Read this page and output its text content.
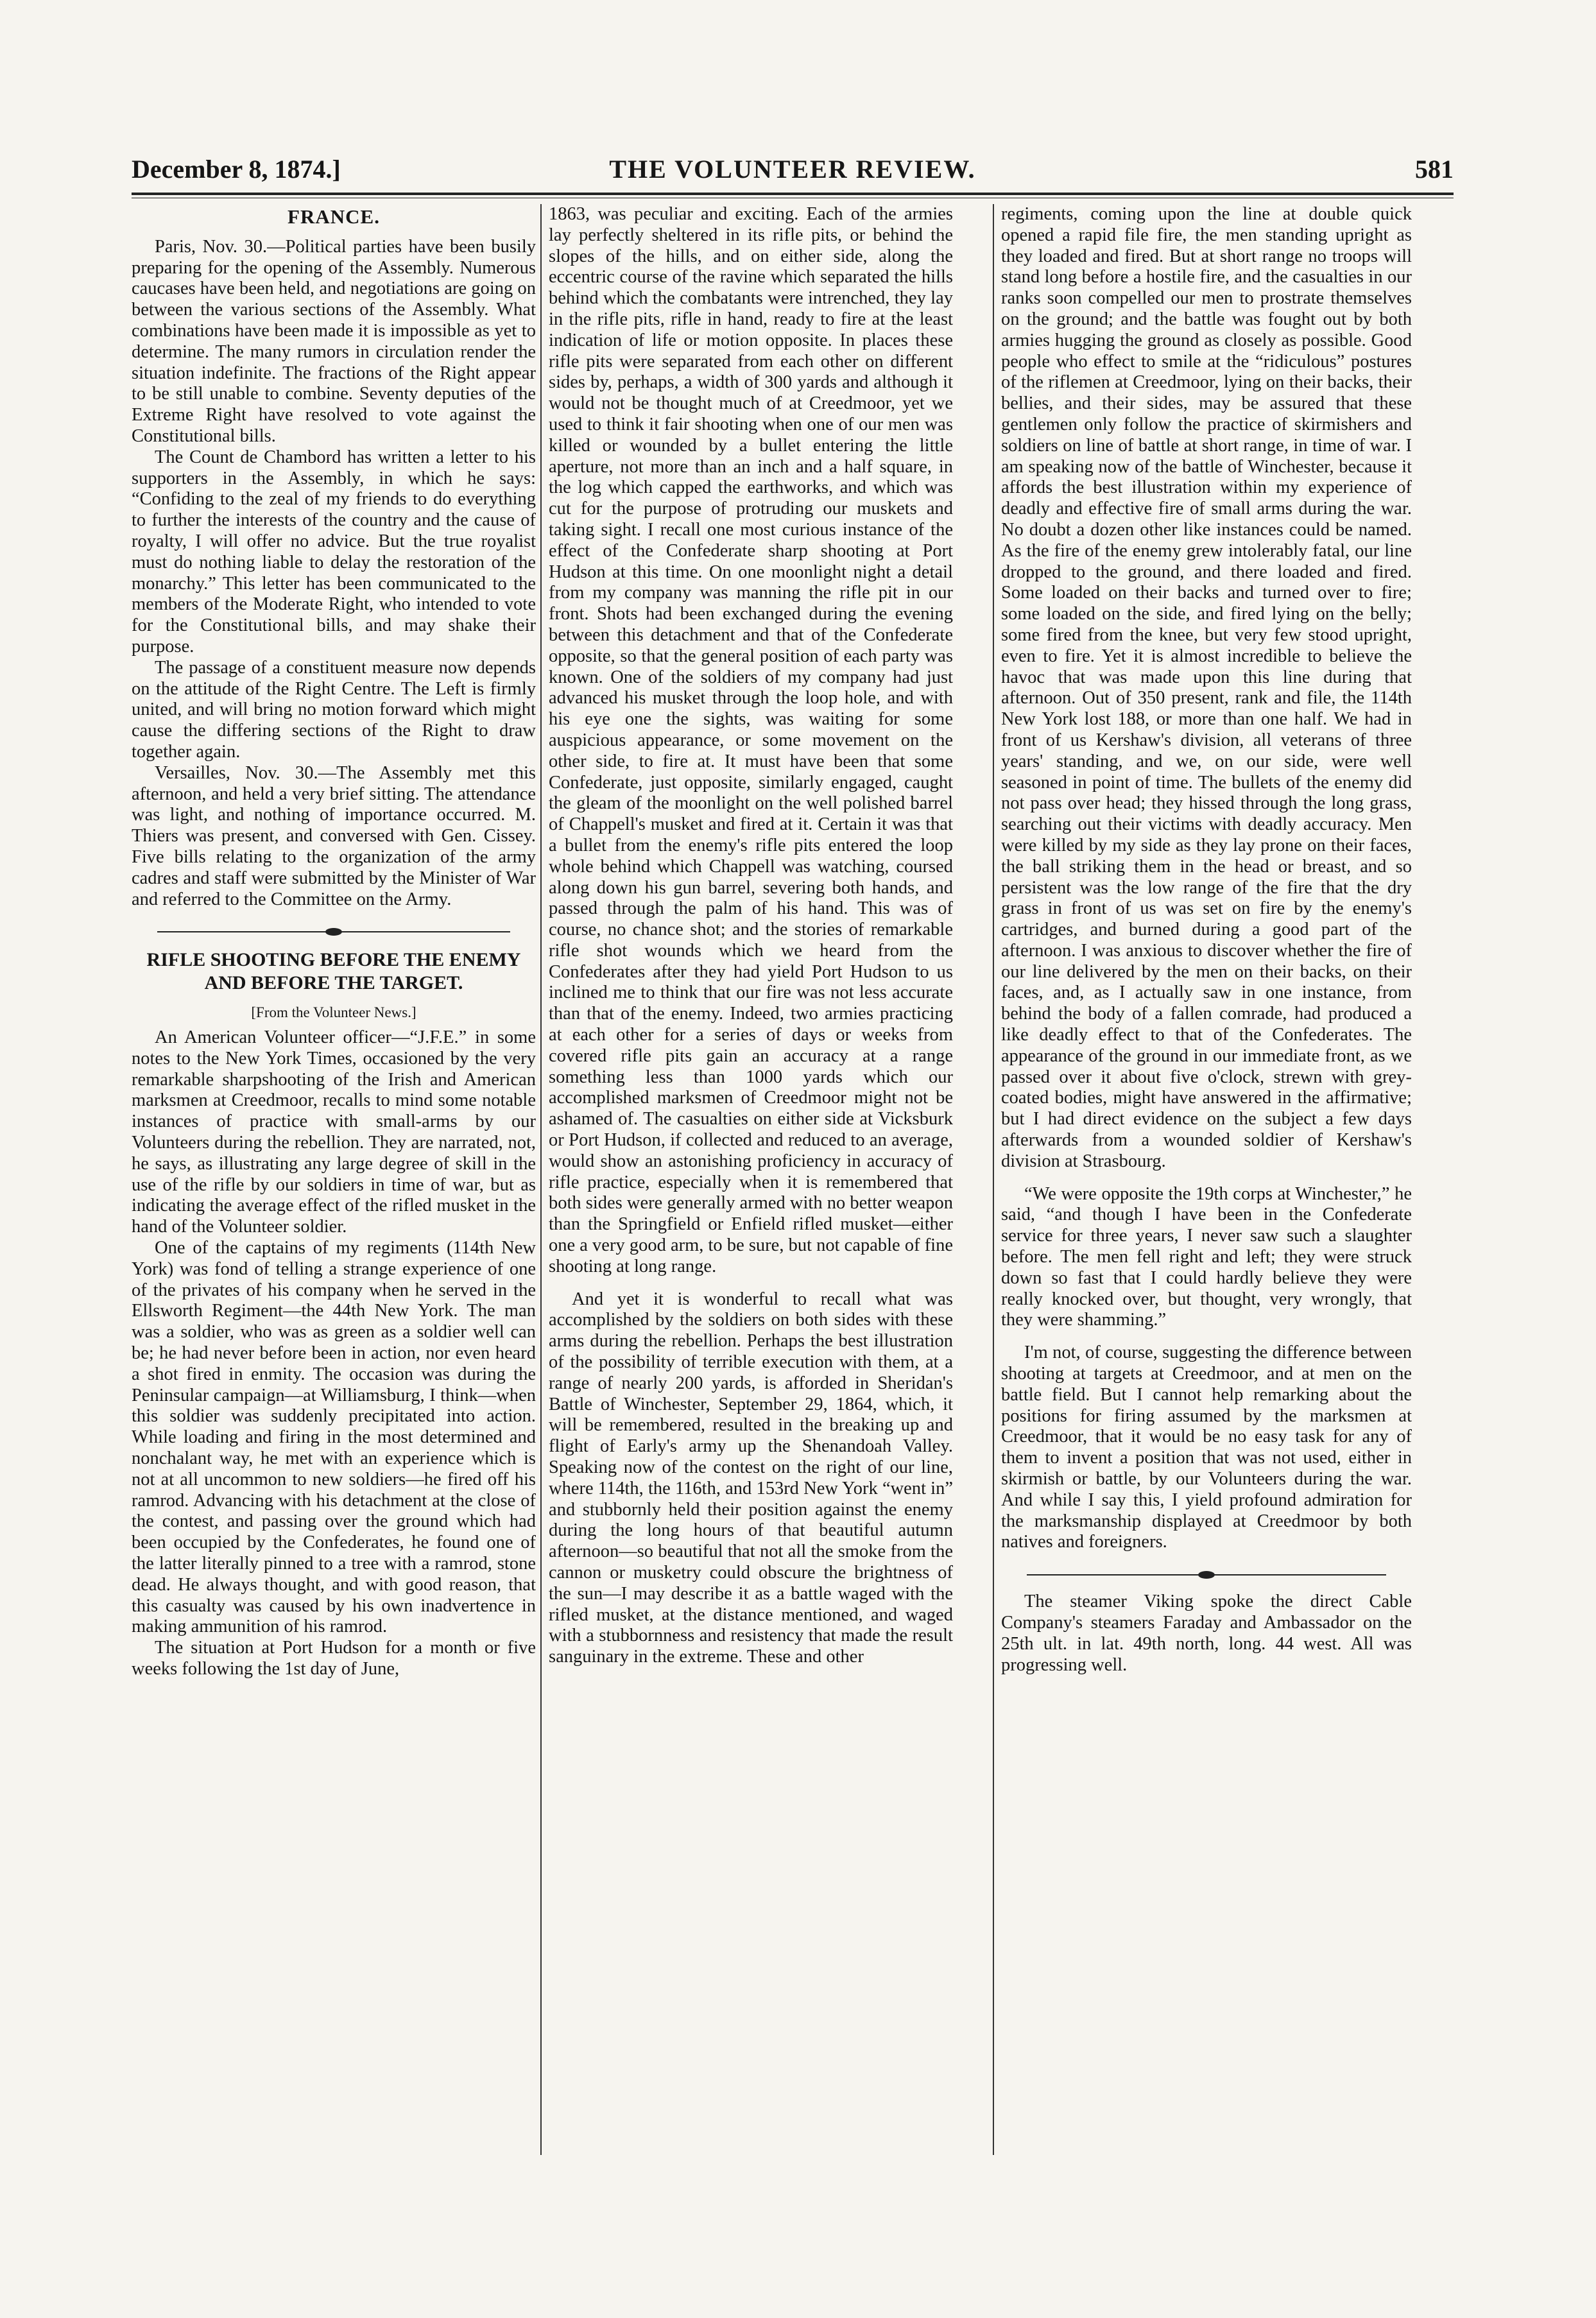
December 8, 1874.]	THE VOLUNTEER REVIEW.	581
FRANCE.

Paris, Nov. 30.—Political parties have been busily preparing for the opening of the Assembly. Numerous caucases have been held, and negotiations are going on between the various sections of the Assembly. What combinations have been made it is impossible as yet to determine. The many rumors in circulation render the situation indefinite. The fractions of the Right appear to be still unable to combine. Seventy deputies of the Extreme Right have resolved to vote against the Constitutional bills.

The Count de Chambord has written a letter to his supporters in the Assembly, in which he says: “Confiding to the zeal of my friends to do everything to further the interests of the country and the cause of royalty, I will offer no advice. But the true royalist must do nothing liable to delay the restoration of the monarchy.” This letter has been communicated to the members of the Moderate Right, who intended to vote for the Constitutional bills, and may shake their purpose.

The passage of a constituent measure now depends on the attitude of the Right Centre. The Left is firmly united, and will bring no motion forward which might cause the differing sections of the Right to draw together again.

Versailles, Nov. 30.—The Assembly met this afternoon, and held a very brief sitting. The attendance was light, and nothing of importance occurred. M. Thiers was present, and conversed with Gen. Cissey. Five bills relating to the organization of the army cadres and staff were submitted by the Minister of War and referred to the Committee on the Army.

RIFLE SHOOTING BEFORE THE ENEMY AND BEFORE THE TARGET.
[From the Volunteer News.]

An American Volunteer officer—“J.F.E.” in some notes to the New York Times, occasioned by the very remarkable sharpshooting of the Irish and American marksmen at Creedmoor, recalls to mind some notable instances of practice with small-arms by our Volunteers during the rebellion. They are narrated, not, he says, as illustrating any large degree of skill in the use of the rifle by our soldiers in time of war, but as indicating the average effect of the rifled musket in the hand of the Volunteer soldier.

One of the captains of my regiments (114th New York) was fond of telling a strange experience of one of the privates of his company when he served in the Ellsworth Regiment—the 44th New York. The man was a soldier, who was as green as a soldier well can be; he had never before been in action, nor even heard a shot fired in enmity. The occasion was during the Peninsular campaign—at Williamsburg, I think—when this soldier was suddenly precipitated into action. While loading and firing in the most determined and nonchalant way, he met with an experience which is not at all uncommon to new soldiers—he fired off his ramrod. Advancing with his detachment at the close of the contest, and passing over the ground which had been occupied by the Confederates, he found one of the latter literally pinned to a tree with a ramrod, stone dead. He always thought, and with good reason, that this casualty was caused by his own inadvertence in making ammunition of his ramrod.

The situation at Port Hudson for a month or five weeks following the 1st day of June,

1863, was peculiar and exciting. Each of the armies lay perfectly sheltered in its rifle pits, or behind the slopes of the hills, and on either side, along the eccentric course of the ravine which separated the hills behind which the combatants were intrenched, they lay in the rifle pits, rifle in hand, ready to fire at the least indication of life or motion opposite. In places these rifle pits were separated from each other on different sides by, perhaps, a width of 300 yards and although it would not be thought much of at Creedmoor, yet we used to think it fair shooting when one of our men was killed or wounded by a bullet entering the little aperture, not more than an inch and a half square, in the log which capped the earthworks, and which was cut for the purpose of protruding our muskets and taking sight. I recall one most curious instance of the effect of the Confederate sharp shooting at Port Hudson at this time. On one moonlight night a detail from my company was manning the rifle pit in our front. Shots had been exchanged during the evening between this detachment and that of the Confederate opposite, so that the general position of each party was known. One of the soldiers of my company had just advanced his musket through the loop hole, and with his eye one the sights, was waiting for some auspicious appearance, or some movement on the other side, to fire at. It must have been that some Confederate, just opposite, similarly engaged, caught the gleam of the moonlight on the well polished barrel of Chappell's musket and fired at it. Certain it was that a bullet from the enemy's rifle pits entered the loop whole behind which Chappell was watching, coursed along down his gun barrel, severing both hands, and passed through the palm of his hand. This was of course, no chance shot; and the stories of remarkable rifle shot wounds which we heard from the Confederates after they had yield Port Hudson to us inclined me to think that our fire was not less accurate than that of the enemy. Indeed, two armies practicing at each other for a series of days or weeks from covered rifle pits gain an accuracy at a range something less than 1000 yards which our accomplished marksmen of Creedmoor might not be ashamed of. The casualties on either side at Vicksburk or Port Hudson, if collected and reduced to an average, would show an astonishing proficiency in accuracy of rifle practice, especially when it is remembered that both sides were generally armed with no better weapon than the Springfield or Enfield rifled musket—either one a very good arm, to be sure, but not capable of fine shooting at long range.

And yet it is wonderful to recall what was accomplished by the soldiers on both sides with these arms during the rebellion. Perhaps the best illustration of the possibility of terrible execution with them, at a range of nearly 200 yards, is afforded in Sheridan's Battle of Winchester, September 29, 1864, which, it will be remembered, resulted in the breaking up and flight of Early's army up the Shenandoah Valley. Speaking now of the contest on the right of our line, where 114th, the 116th, and 153rd New York “went in” and stubbornly held their position against the enemy during the long hours of that beautiful autumn afternoon—so beautiful that not all the smoke from the cannon or musketry could obscure the brightness of the sun—I may describe it as a battle waged with the rifled musket, at the distance mentioned, and waged with a stubbornness and resistency that made the result sanguinary in the extreme. These and other

regiments, coming upon the line at double quick opened a rapid file fire, the men standing upright as they loaded and fired. But at short range no troops will stand long before a hostile fire, and the casualties in our ranks soon compelled our men to prostrate themselves on the ground; and the battle was fought out by both armies hugging the ground as closely as possible. Good people who effect to smile at the “ridiculous” postures of the riflemen at Creedmoor, lying on their backs, their bellies, and their sides, may be assured that these gentlemen only follow the practice of skirmishers and soldiers on line of battle at short range, in time of war. I am speaking now of the battle of Winchester, because it affords the best illustration within my experience of deadly and effective fire of small arms during the war. No doubt a dozen other like instances could be named. As the fire of the enemy grew intolerably fatal, our line dropped to the ground, and there loaded and fired. Some loaded on their backs and turned over to fire; some loaded on the side, and fired lying on the belly; some fired from the knee, but very few stood upright, even to fire. Yet it is almost incredible to believe the havoc that was made upon this line during that afternoon. Out of 350 present, rank and file, the 114th New York lost 188, or more than one half. We had in front of us Kershaw's division, all veterans of three years' standing, and we, on our side, were well seasoned in point of time. The bullets of the enemy did not pass over head; they hissed through the long grass, searching out their victims with deadly accuracy. Men were killed by my side as they lay prone on their faces, the ball striking them in the head or breast, and so persistent was the low range of the fire that the dry grass in front of us was set on fire by the enemy's cartridges, and burned during a good part of the afternoon. I was anxious to discover whether the fire of our line delivered by the men on their backs, on their faces, and, as I actually saw in one instance, from behind the body of a fallen comrade, had produced a like deadly effect to that of the Confederates. The appearance of the ground in our immediate front, as we passed over it about five o'clock, strewn with grey-coated bodies, might have answered in the affirmative; but I had direct evidence on the subject a few days afterwards from a wounded soldier of Kershaw's division at Strasbourg.

“We were opposite the 19th corps at Winchester,” he said, “and though I have been in the Confederate service for three years, I never saw such a slaughter before. The men fell right and left; they were struck down so fast that I could hardly believe they were really knocked over, but thought, very wrongly, that they were shamming.”

I'm not, of course, suggesting the difference between shooting at targets at Creedmoor, and at men on the battle field. But I cannot help remarking about the positions for firing assumed by the marksmen at Creedmoor, that it would be no easy task for any of them to invent a position that was not used, either in skirmish or battle, by our Volunteers during the war. And while I say this, I yield profound admiration for the marksmanship displayed at Creedmoor by both natives and foreigners.

The steamer Viking spoke the direct Cable Company's steamers Faraday and Ambassador on the 25th ult. in lat. 49th north, long. 44 west. All was progressing well.
